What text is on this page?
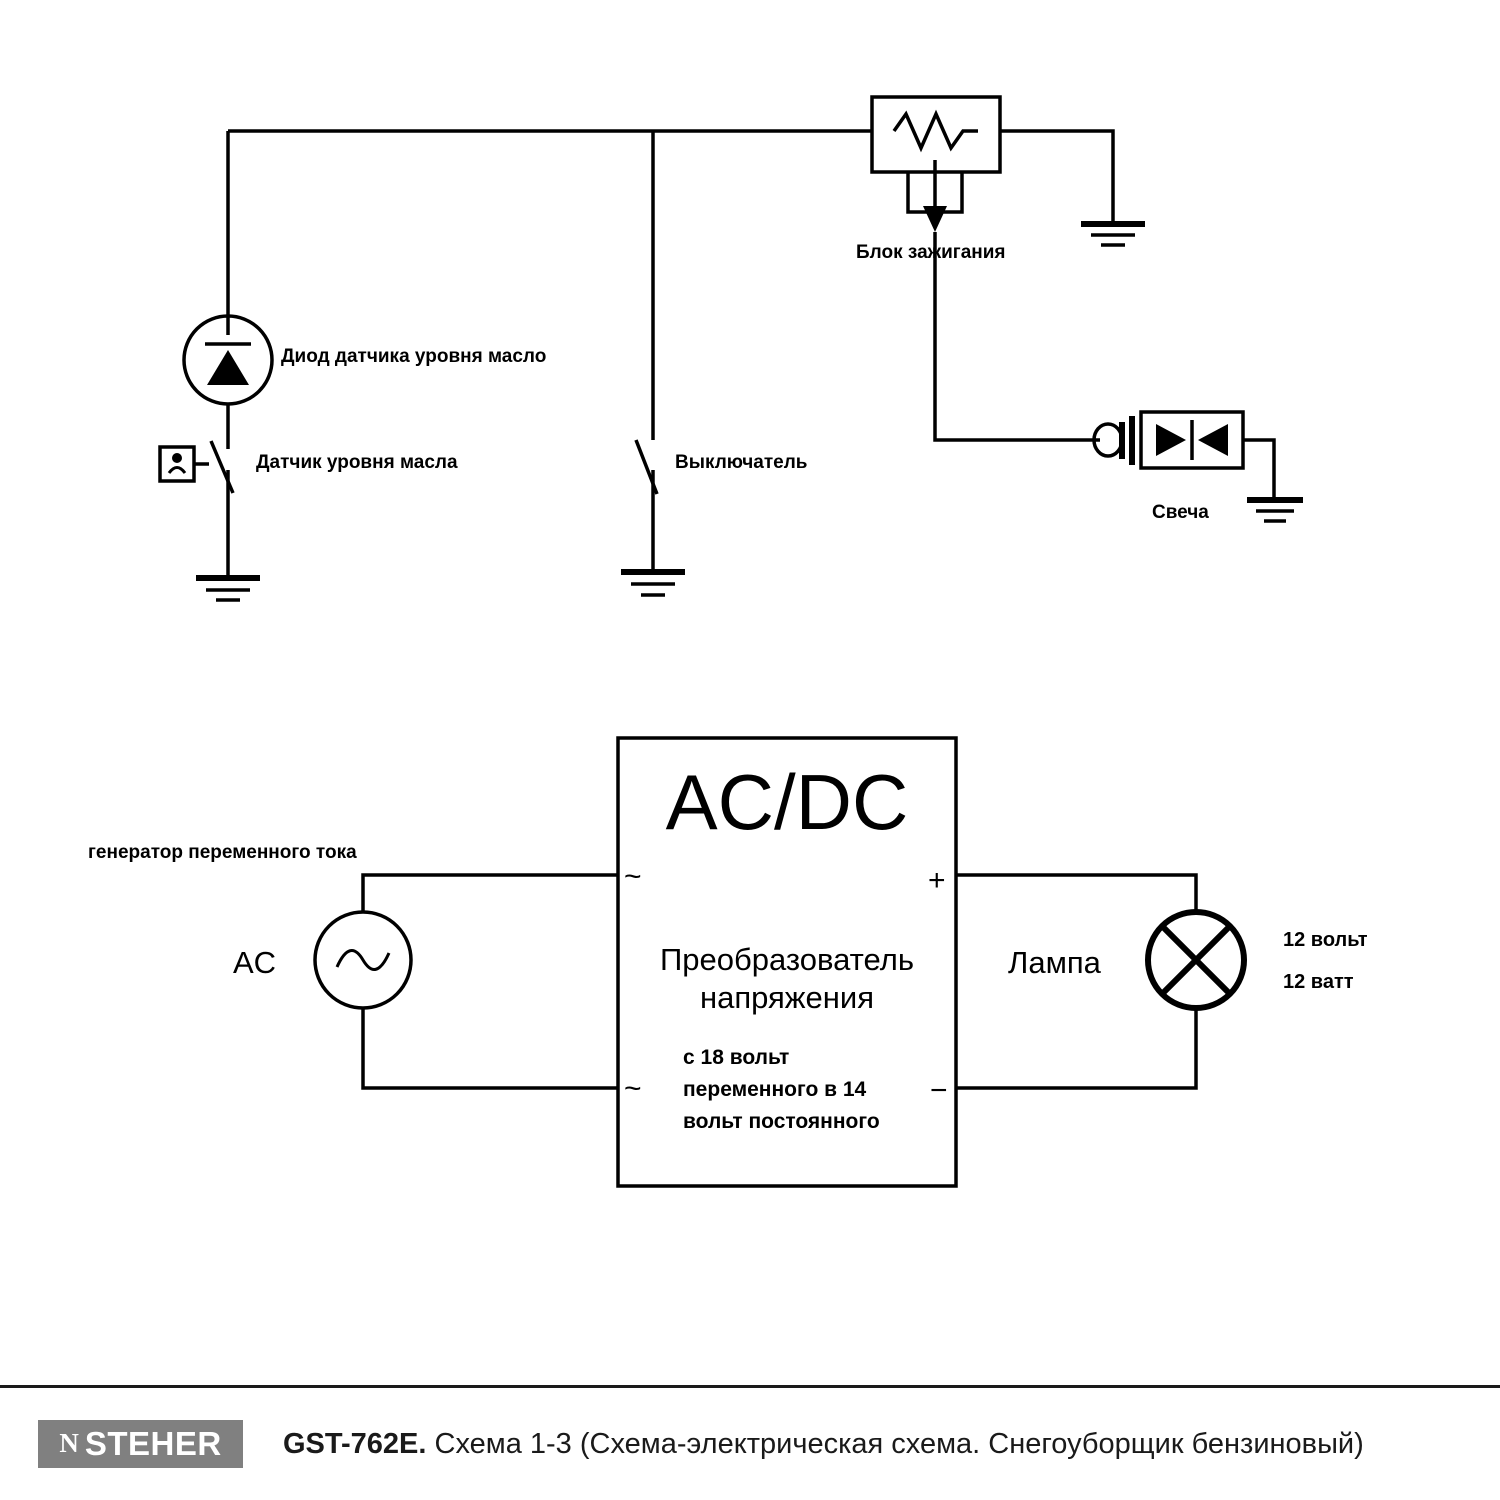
Блок зажигания
Диод датчика уровня масло
Датчик уровня масла	Выключатель
Свеча
AC/DC
Преобразователь
напряжения
с 18 вольт
переменного в 14
вольт постоянного
~
~
+
−
AC
генератор переменного тока
Лампа
12 вольт
12 ватт
N STEHER GST-762E. Схема 1-3 (Схема-электрическая схема. Снегоуборщик бензиновый)
